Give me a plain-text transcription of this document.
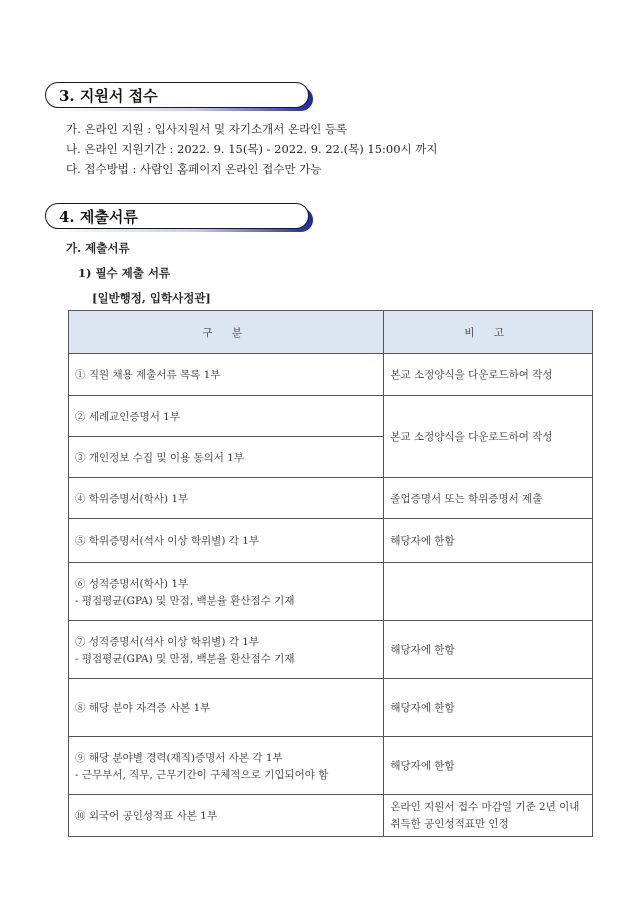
3. 지원서 접수
가. 온라인 지원 : 입사지원서 및 자기소개서 온라인 등록
나. 온라인 지원기간 : 2022. 9. 15(목) - 2022. 9. 22.(목) 15:00시 까지
다. 접수방법 : 사람인 홈페이지 온라인 접수만 가능
4. 제출서류
가. 제출서류
1) 필수 제출 서류
[일반행정, 입학사정관]
구 분	비 고
① 직원 채용 제출서류 목록 1부	본교 소정양식을 다운로드하여 작성
② 세례교인증명서 1부	본교 소정양식을 다운로드하여 작성
③ 개인정보 수집 및 이용 동의서 1부	
④ 학위증명서(학사) 1부	졸업증명서 또는 학위증명서 제출
⑤ 학위증명서(석사 이상 학위별) 각 1부	해당자에 한함
⑥ 성적증명서(학사) 1부
- 평점평균(GPA) 및 만점, 백분율 환산점수 기재	

⑦ 성적증명서(석사 이상 학위별) 각 1부
- 평점평균(GPA) 및 만점, 백분율 환산점수 기재	해당자에 한함
⑧ 해당 분야 자격증 사본 1부	해당자에 한함
⑨ 해당 분야별 경력(재직)증명서 사본 각 1부
- 근무부서, 직무, 근무기간이 구체적으로 기입되어야 함	해당자에 한함
⑩ 외국어 공인성적표 사본 1부	온라인 지원서 접수 마감일 기준 2년 이내 취득한 공인성적표만 인정
